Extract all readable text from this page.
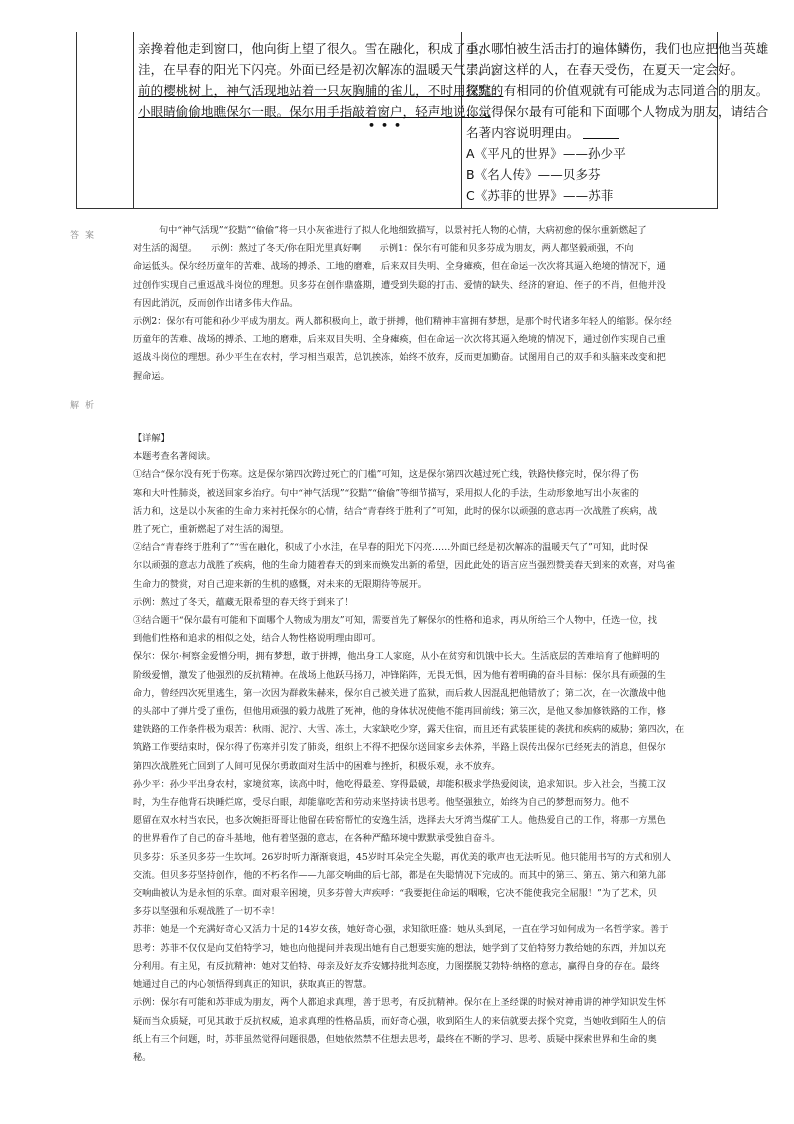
亲搀着他走到窗口，他向街上望了很久。雪在融化，积成了小水
洼，在早春的阳光下闪亮。外面已经是初次解冻的温暖天气了。窗
前的樱桃树上，神气活现地站着一只灰胸脯的雀儿，不时用狡黠的
小眼睛偷偷地瞧保尔一眼。保尔用手指敲着窗户，轻声地说……
•••
重，哪怕被生活击打的遍体鳞伤，我们也应把他当英雄
崇尚。这样的人，在春天受伤，在夏天一定会好。
探究：有相同的价值观就有可能成为志同道合的朋友。
你觉得保尔最有可能和下面哪个人物成为朋友，请结合
名著内容说明理由。
A《平凡的世界》——孙少平
B《名人传》——贝多芬
C《苏菲的世界》——苏菲
答案	句中“神气活现”“狡黠”“偷偷”将一只小灰雀进行了拟人化地细致描写，以景衬托人物的心情，大病初愈的保尔重新燃起了
对生活的渴望。　　示例：熬过了冬天/你在阳光里真好啊　　示例1：保尔有可能和贝多芬成为朋友，两人都坚毅顽强，不向
命运低头。保尔经历童年的苦难、战场的搏杀、工地的磨难，后来双目失明、全身瘫痪，但在命运一次次将其逼入绝境的情况下，通
过创作实现自己重返战斗岗位的理想。贝多芬在创作鼎盛期，遭受到失聪的打击、爱情的缺失、经济的窘迫、侄子的不肖，但他并没
有因此消沉，反而创作出诸多伟大作品。
示例2：保尔有可能和孙少平成为朋友。两人都积极向上，敢于拼搏，他们精神丰富拥有梦想，是那个时代诸多年轻人的缩影。保尔经
历童年的苦难、战场的搏杀、工地的磨难，后来双目失明、全身瘫痪，但在命运一次次将其逼入绝境的情况下，通过创作实现自己重
返战斗岗位的理想。孙少平生在农村，学习相当艰苦，总饥挨冻，始终不放弃，反而更加勤奋。试图用自己的双手和头脑来改变和把
握命运。
解析
【详解】
本题考查名著阅读。
①结合“保尔没有死于伤寒。这是保尔第四次跨过死亡的门槛”可知，这是保尔第四次越过死亡线，铁路快修完时，保尔得了伤
寒和大叶性肺炎，被送回家乡治疗。句中“神气活现”“狡黠”“偷偷”等细节描写，采用拟人化的手法，生动形象地写出小灰雀的
活力和，这是以小灰雀的生命力来衬托保尔的心情，结合“青春终于胜利了”可知，此时的保尔以顽强的意志再一次战胜了疾病，战
胜了死亡，重新燃起了对生活的渴望。
②结合“青春终于胜利了”“雪在融化，积成了小水洼，在早春的阳光下闪亮……外面已经是初次解冻的温暖天气了”可知，此时保
尔以顽强的意志力战胜了疾病，他的生命力随着春天的到来而焕发出新的希望，因此此处的语言应当强烈赞美春天到来的欢喜，对鸟雀
生命力的赞赏，对自己迎来新的生机的感慨，对未来的无限期待等展开。
示例：熬过了冬天，蕴藏无限希望的春天终于到来了！
③结合题干“保尔最有可能和下面哪个人物成为朋友”可知，需要首先了解保尔的性格和追求，再从所给三个人物中，任选一位，找
到他们性格和追求的相似之处，结合人物性格说明理由即可。
保尔：保尔·柯察金爱憎分明，拥有梦想，敢于拼搏，他出身工人家庭，从小在贫穷和饥饿中长大。生活底层的苦难培育了他鲜明的
阶级爱憎，激发了他强烈的反抗精神。在战场上他跃马扬刀，冲锋陷阵，无畏无惧，因为他有着明确的奋斗目标：保尔具有顽强的生
命力，曾经四次死里逃生，第一次因为群救朱赫来，保尔自己被关进了监狱，而后救人因混乱把他错放了；第二次，在一次激战中他
的头部中了弹片受了重伤，但他用顽强的毅力战胜了死神，他的身体状况使他不能再回前线；第三次，是他又参加修铁路的工作，修
建铁路的工作条件极为艰苦：秋雨、泥泞、大雪、冻土，大家缺吃少穿，露天住宿，而且还有武装匪徒的袭扰和疾病的威胁；第四次，在
筑路工作要结束时，保尔得了伤寒并引发了肺炎，组织上不得不把保尔送回家乡去休养，半路上误传出保尔已经死去的消息，但保尔
第四次战胜死亡回到了人间可见保尔勇敢面对生活中的困难与挫折，积极乐观，永不放弃。
孙少平：孙少平出身农村，家境贫寒，读高中时，他吃得最差、穿得最破，却能积极求学热爱阅读，追求知识。步入社会，当揽工汉
时，为生存他背石块睡烂席，受尽白眼，却能靠吃苦和劳动来坚持读书思考。他坚强独立，始终为自己的梦想而努力。他不
愿留在双水村当农民，也多次婉拒哥哥让他留在砖窑帮忙的安逸生活，选择去大牙湾当煤矿工人。他热爱自己的工作，将那一方黑色
的世界看作了自己的奋斗基地，他有着坚强的意志，在各种严酷环境中默默承受独自奋斗。
贝多芬：乐圣贝多芬一生坎坷。26岁时听力渐渐衰退，45岁时耳朵完全失聪，再优美的歌声也无法听见。他只能用书写的方式和别人
交流。但贝多芬坚持创作，他的不朽名作——九部交响曲的后七部，都是在失聪情况下完成的。而其中的第三、第五、第六和第九部
交响曲被认为是永恒的乐章。面对艰辛困境，贝多芬曾大声疾呼：“我要扼住命运的咽喉，它决不能使我完全屈服！”为了艺术，贝
多芬以坚强和乐观战胜了一切不幸！
苏菲：她是一个充满好奇心又活力十足的14岁女孩，她好奇心强，求知欲旺盛：她从头到尾，一直在学习如何成为一名哲学家。善于
思考：苏菲不仅仅是向艾伯特学习，她也向他提问并表现出她有自己想要实施的想法，她学到了艾伯特努力教给她的东西，并加以充
分利用。有主见，有反抗精神：她对艾伯特、母亲及好友乔安娜持批判态度，力图摆脱艾勃特·纳格的意志，赢得自身的存在。最终
她通过自己的内心领悟得到真正的知识，获取真正的智慧。
示例：保尔有可能和苏菲成为朋友，两个人都追求真理，善于思考，有反抗精神。保尔在上圣经课的时候对神甫讲的神学知识发生怀
疑而当众质疑，可见其敢于反抗权威，追求真理的性格品质，而好奇心强，收到陌生人的来信就要去探个究竟，当她收到陌生人的信
纸上有三个问题，时，苏菲虽然觉得问题很愚，但她依然禁不住想去思考，最终在不断的学习、思考、质疑中探索世界和生命的奥
秘。
